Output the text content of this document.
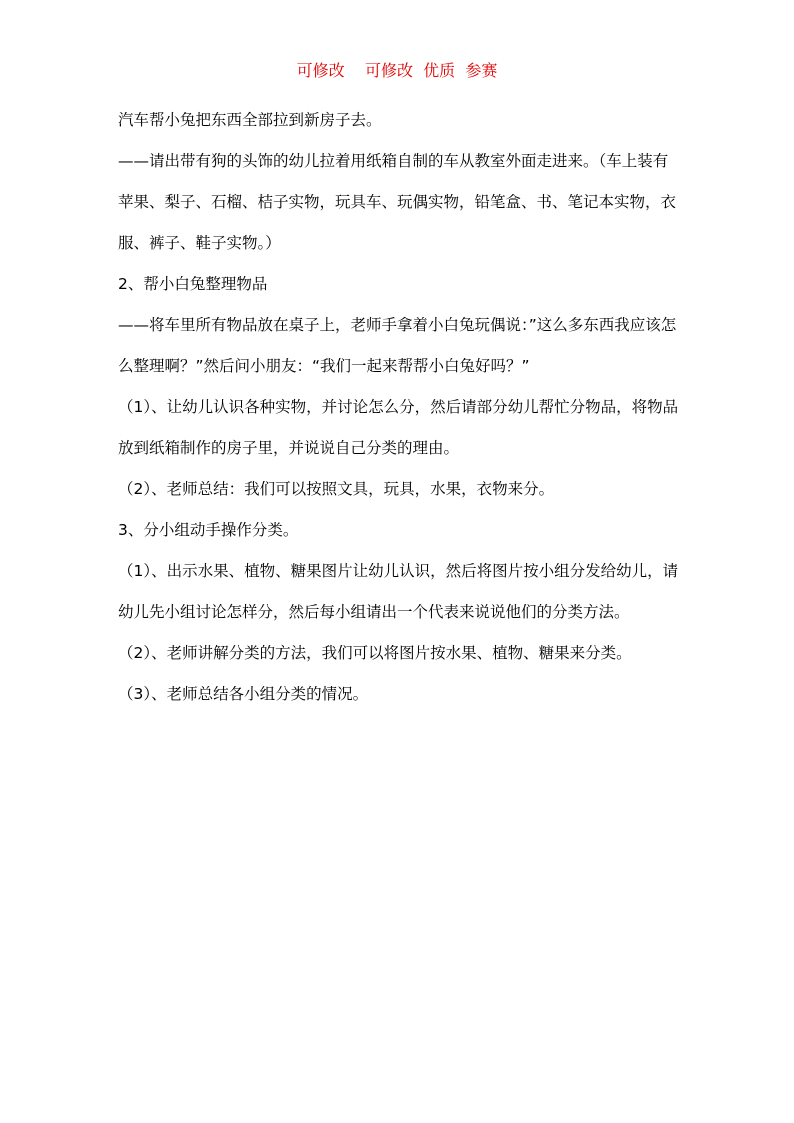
可修改    可修改  优质  参赛

汽车帮小兔把东西全部拉到新房子去。

——请出带有狗的头饰的幼儿拉着用纸箱自制的车从教室外面走进来。（车上装有苹果、梨子、石榴、桔子实物，玩具车、玩偶实物，铅笔盒、书、笔记本实物，衣服、裤子、鞋子实物。）

2、帮小白兔整理物品

——将车里所有物品放在桌子上，老师手拿着小白兔玩偶说：”这么多东西我应该怎么整理啊？”然后问小朋友：“我们一起来帮帮小白兔好吗？”

（1）、让幼儿认识各种实物，并讨论怎么分，然后请部分幼儿帮忙分物品，将物品放到纸箱制作的房子里，并说说自己分类的理由。

（2）、老师总结：我们可以按照文具，玩具，水果，衣物来分。

3、分小组动手操作分类。

（1）、出示水果、植物、糖果图片让幼儿认识，然后将图片按小组分发给幼儿，请幼儿先小组讨论怎样分，然后每小组请出一个代表来说说他们的分类方法。

（2）、老师讲解分类的方法，我们可以将图片按水果、植物、糖果来分类。

（3）、老师总结各小组分类的情况。
